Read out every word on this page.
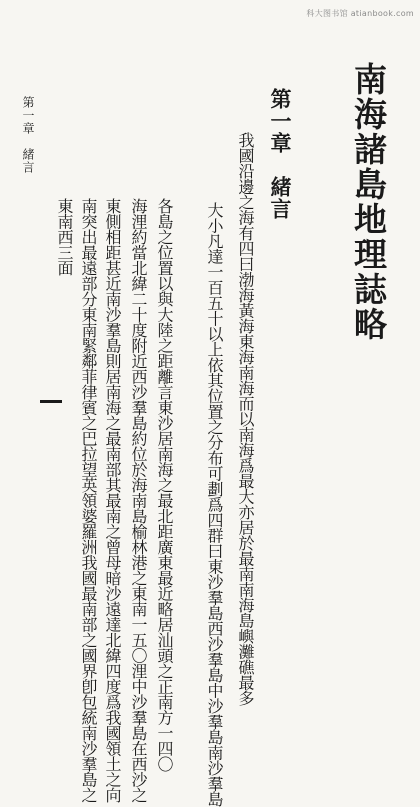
科大图书馆 atianbook.com
南海諸島地理誌略
第一章　緒言
我國沿邊之海有四曰渤海黃海東海南海而以南海爲最大亦居於最南南海島嶼灘礁最多
大小凡達一百五十以上依其位置之分布可劃爲四群曰東沙羣島西沙羣島中沙羣島南沙羣島
各島之位置以與大陸之距離言東沙居南海之最北距廣東最近略居汕頭之正南方一四〇
海浬約當北緯二十度附近西沙羣島約位於海南島榆林港之東南一五〇浬中沙羣島在西沙之
東側相距甚近南沙羣島則居南海之最南部其最南之曾母暗沙遠達北緯四度爲我國領土之向
南突出最遠部分東南緊鄰菲律賓之巴拉望英領婆羅洲我國最南部之國界卽包統南沙羣島之
東南西三面
第一章　緒言
